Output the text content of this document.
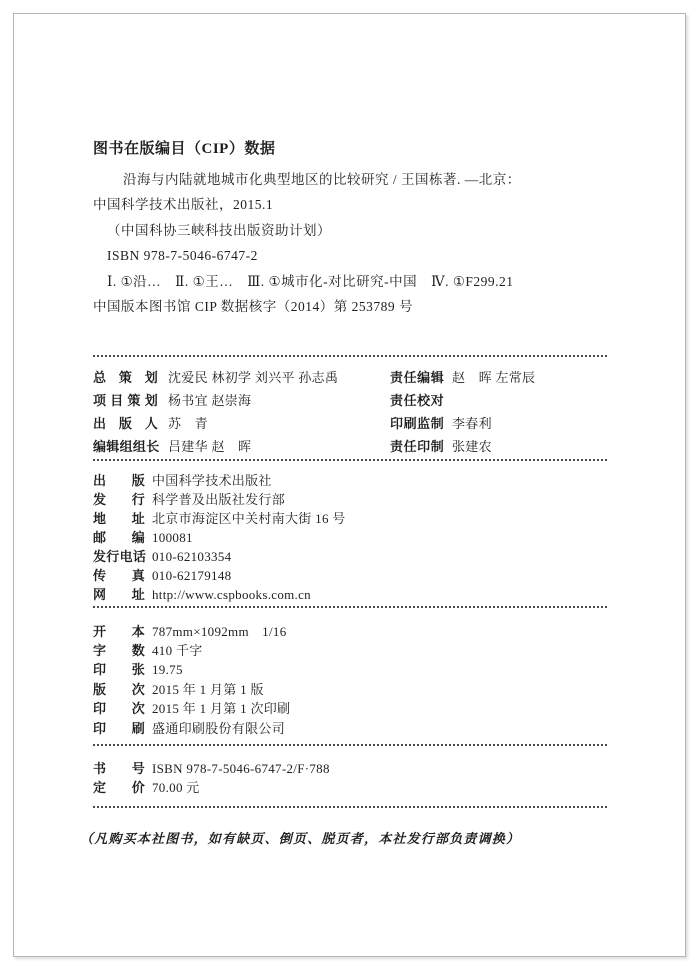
图书在版编目（CIP）数据
沿海与内陆就地城市化典型地区的比较研究 / 王国栋著. —北京：
中国科学技术出版社，2015.1
（中国科协三峡科技出版资助计划）
ISBN 978-7-5046-6747-2
Ⅰ. ①沿…　Ⅱ. ①王…　Ⅲ. ①城市化-对比研究-中国　Ⅳ. ①F299.21
中国版本图书馆 CIP 数据核字（2014）第 253789 号
总策划 沈爱民 林初学 刘兴平 孙志禹	责任编辑 赵　晖 左常辰
项目策划 杨书宜 赵崇海	责任校对
出版人 苏　青	印刷监制 李春利
编辑组组长 吕建华 赵　晖	责任印制 张建农
出版 中国科学技术出版社
发行 科学普及出版社发行部
地址 北京市海淀区中关村南大街 16 号
邮编 100081
发行电话 010-62103354
传真 010-62179148
网址 http://www.cspbooks.com.cn
开本 787mm×1092mm　1/16
字数 410 千字
印张 19.75
版次 2015 年 1 月第 1 版
印次 2015 年 1 月第 1 次印刷
印刷 盛通印刷股份有限公司
书号 ISBN 978-7-5046-6747-2/F·788
定价 70.00 元
（凡购买本社图书，如有缺页、倒页、脱页者，本社发行部负责调换）
